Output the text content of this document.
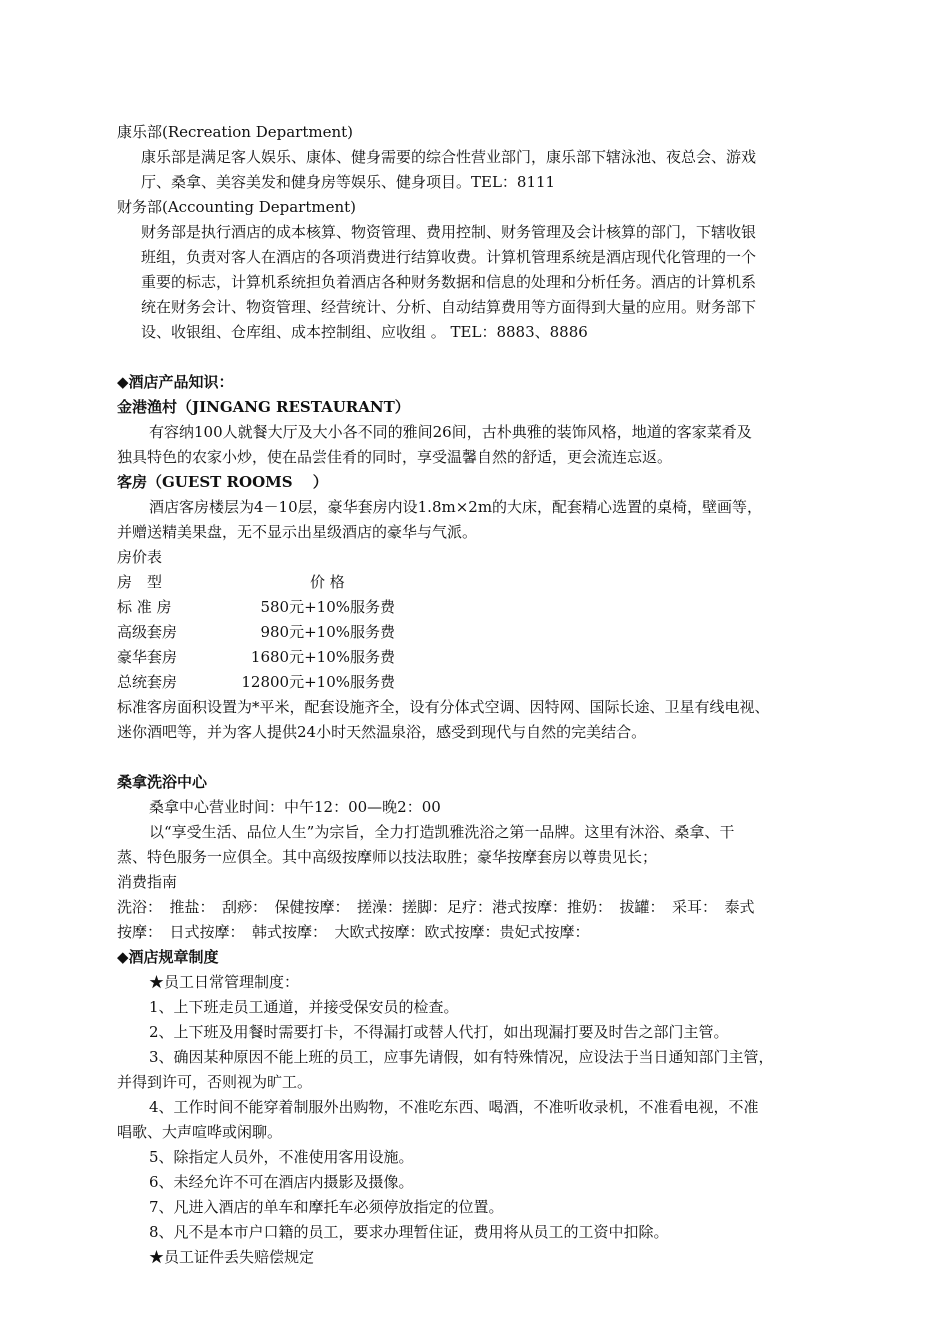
康乐部(Recreation Department)
康乐部是满足客人娱乐、康体、健身需要的综合性营业部门，康乐部下辖泳池、夜总会、游戏
厅、桑拿、美容美发和健身房等娱乐、健身项目。TEL：8111
财务部(Accounting Department)
财务部是执行酒店的成本核算、物资管理、费用控制、财务管理及会计核算的部门，下辖收银
班组，负责对客人在酒店的各项消费进行结算收费。计算机管理系统是酒店现代化管理的一个
重要的标志，计算机系统担负着酒店各种财务数据和信息的处理和分析任务。酒店的计算机系
统在财务会计、物资管理、经营统计、分析、自动结算费用等方面得到大量的应用。财务部下
设、收银组、仓库组、成本控制组、应收组 。 TEL：8883、8886
◆酒店产品知识：
金港渔村（JINGANG RESTAURANT）
有容纳100人就餐大厅及大小各不同的雅间26间，古朴典雅的装饰风格，地道的客家菜肴及
独具特色的农家小炒，使在品尝佳肴的同时，享受温馨自然的舒适，更会流连忘返。
客房（GUEST ROOMS　 ）
酒店客房楼层为4－10层，豪华套房内设1.8m×2m的大床，配套精心选置的桌椅，壁画等，
并赠送精美果盘，无不显示出星级酒店的豪华与气派。
房价表
房　型	价 格
标 准 房	580元+10%服务费
高级套房	980元+10%服务费
豪华套房	1680元+10%服务费
总统套房	12800元+10%服务费
标准客房面积设置为*平米，配套设施齐全，设有分体式空调、因特网、国际长途、卫星有线电视、
迷你酒吧等，并为客人提供24小时天然温泉浴，感受到现代与自然的完美结合。
桑拿洗浴中心
桑拿中心营业时间：中午12：00—晚2：00
以“享受生活、品位人生”为宗旨，全力打造凯雅洗浴之第一品牌。这里有沐浴、桑拿、干
蒸、特色服务一应俱全。其中高级按摩师以技法取胜；豪华按摩套房以尊贵见长；
消费指南
洗浴：　推盐：　刮痧：　保健按摩：　搓澡：搓脚：足疗：港式按摩：推奶：　拔罐：　采耳：　泰式
按摩：　日式按摩：　韩式按摩：　大欧式按摩：欧式按摩：贵妃式按摩：
◆酒店规章制度
★员工日常管理制度：
1、上下班走员工通道，并接受保安员的检查。
2、上下班及用餐时需要打卡，不得漏打或替人代打，如出现漏打要及时告之部门主管。
3、确因某种原因不能上班的员工，应事先请假，如有特殊情况，应设法于当日通知部门主管，
并得到许可，否则视为旷工。
4、工作时间不能穿着制服外出购物，不准吃东西、喝酒，不准听收录机，不准看电视，不准
唱歌、大声喧哗或闲聊。
5、除指定人员外，不准使用客用设施。
6、未经允许不可在酒店内摄影及摄像。
7、凡进入酒店的单车和摩托车必须停放指定的位置。
8、凡不是本市户口籍的员工，要求办理暂住证，费用将从员工的工资中扣除。
★员工证件丢失赔偿规定
